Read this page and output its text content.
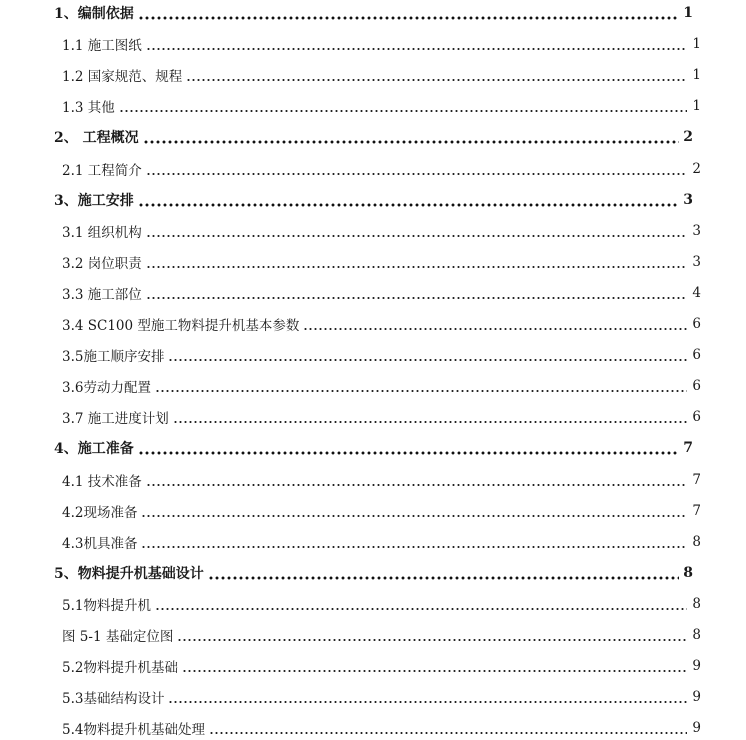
1、编制依据	1
1.1 施工图纸	1
1.2 国家规范、规程	1
1.3 其他	1
2、 工程概况	2
2.1 工程简介	2
3、施工安排	3
3.1 组织机构	3
3.2 岗位职责	3
3.3 施工部位	4
3.4 SC100 型施工物料提升机基本参数	6
3.5施工顺序安排	6
3.6劳动力配置	6
3.7 施工进度计划	6
4、施工准备	7
4.1 技术准备	7
4.2现场准备	7
4.3机具准备	8
5、物料提升机基础设计	8
5.1物料提升机	8
图 5-1 基础定位图	8
5.2物料提升机基础	9
5.3基础结构设计	9
5.4物料提升机基础处理	9
